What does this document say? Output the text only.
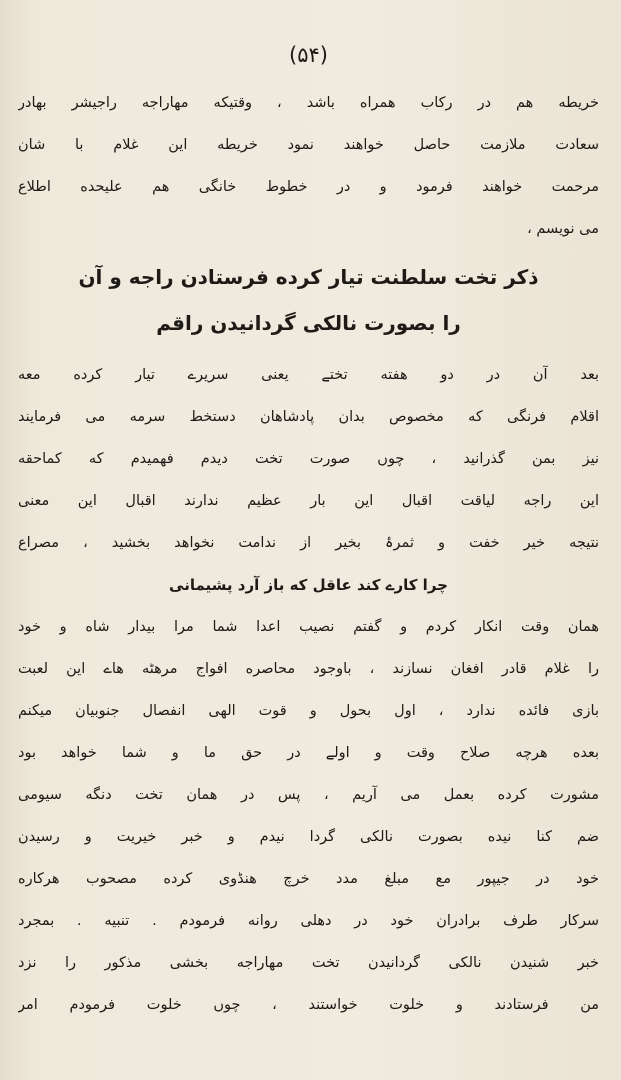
(۵۴)
خریطه هم در رکاب همراه باشد ، وقتیکه مهاراجه راجیشر بهادر
سعادت ملازمت حاصل خواهند نمود خریطه این غلام با شان
مرحمت خواهند فرمود و در خطوط خانگی هم علیحده اطلاع
می نویسم ،
ذکر تخت سلطنت تیار کرده فرستادن راجه و آن
را بصورت نالکی گردانیدن راقم
بعد آن در دو هفته تختے یعنی سریرے تیار کرده معه
اقلام فرنگی که مخصوص بدان پادشاهان دستخط سرمه می فرمایند
نیز بمن گذرانید ، چوں صورت تخت دیدم فهمیدم که کماحقه
این راجه لیاقت اقبال این بار عظیم ندارند اقبال این معنی
نتیجه خیر خفت و ثمرۂ بخیر از ندامت نخواهد بخشید ، مصراع
چرا کارے کند عاقل که باز آرد پشیمانی
همان وقت انکار کردم و گفتم نصیب اعدا شما مرا بیدار شاه و خود
را غلام قادر افغان نسازند ، باوجود محاصره افواج مرهٹه هاے این لعبت
بازی فائده ندارد ، اول بحول و قوت الهی انفصال جنوبیان میکنم
بعده هرچه صلاح وقت و اولے در حق ما و شما خواهد بود
مشورت کرده بعمل می آریم ، پس در همان تخت دنگه سیومی
ضم کنا نیده بصورت نالکی گردا نیدم و خبر خیریت و رسیدن
خود در جیپور مع مبلغ مدد خرچ هنڈوی کرده مصحوب هرکاره
سرکار طرف برادران خود در دهلی روانه فرمودم . تنبیه . بمجرد
خبر شنیدن نالکی گردانیدن تخت مهاراجه بخشی مذکور را نزد
من فرستادند و خلوت خواستند ، چوں خلوت فرمودم امر
